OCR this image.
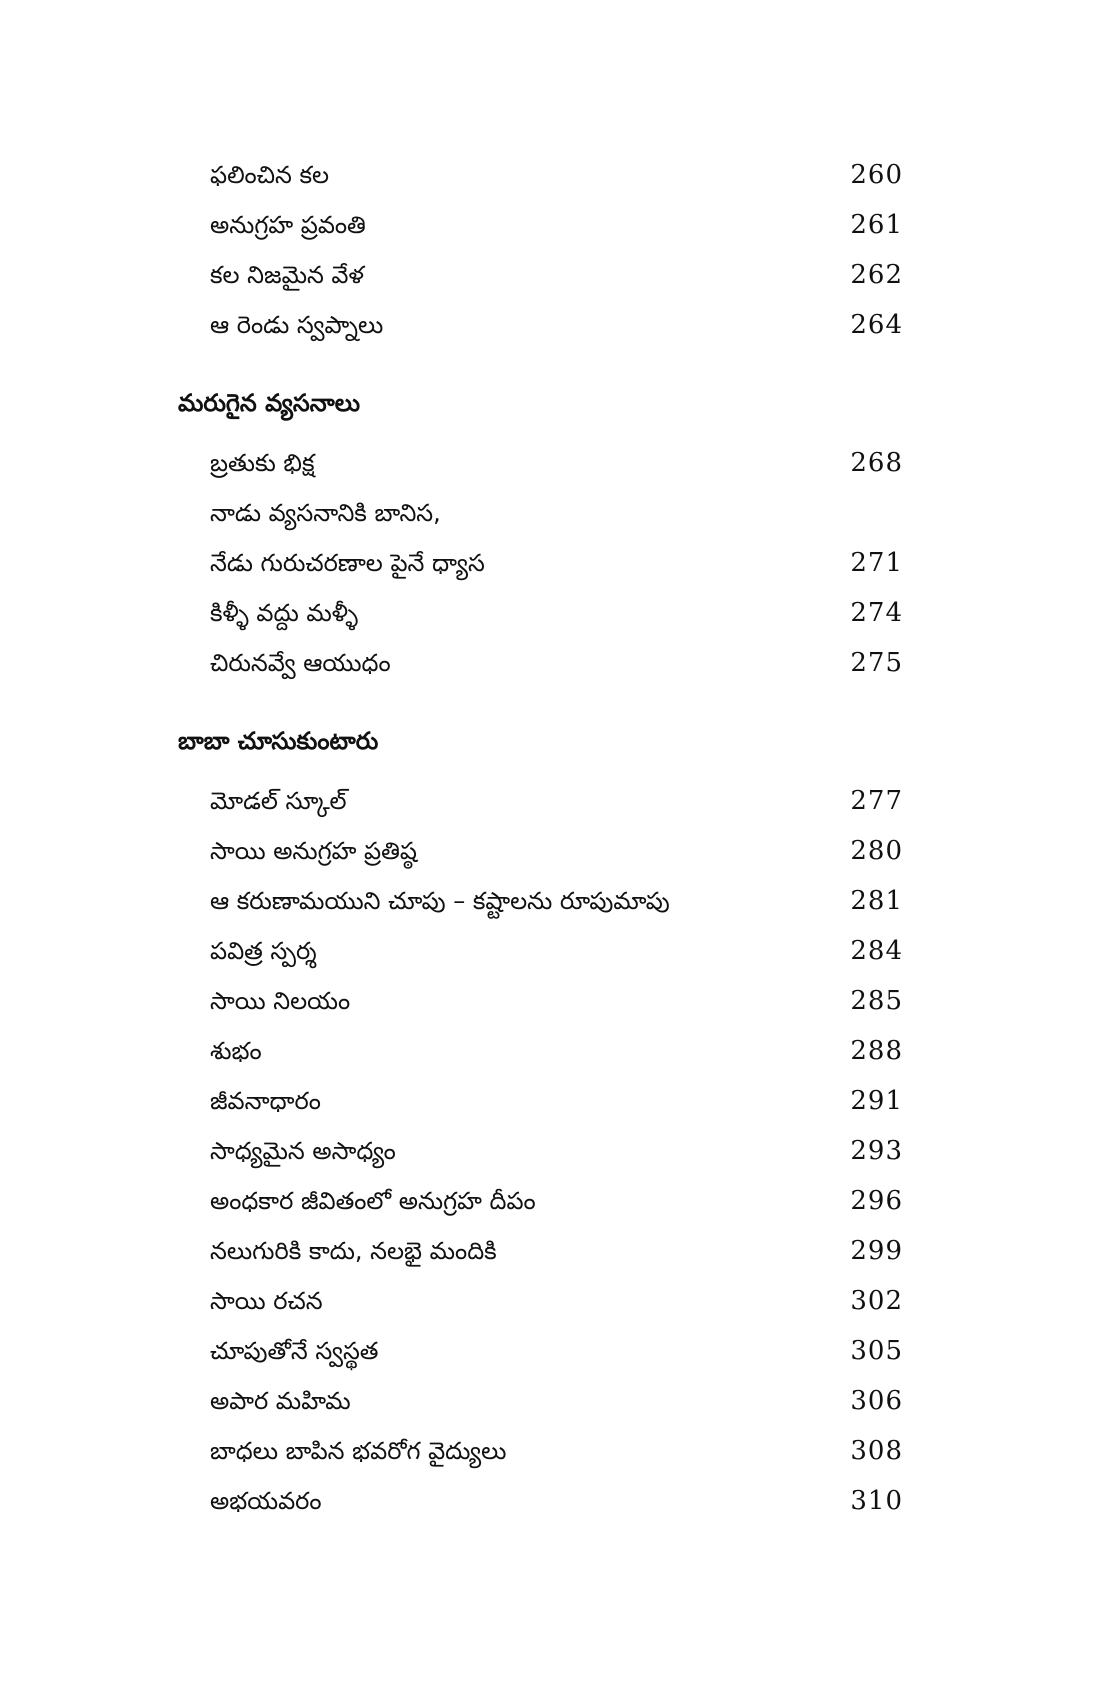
ఫలించిన కల	260
అనుగ్రహ ప్రవంతి	261
కల నిజమైన వేళ	262
ఆ రెండు స్వప్నాలు	264
మరుగైన వ్యసనాలు
బ్రతుకు భిక్ష	268
నాడు వ్యసనానికి బానిస,
నేడు గురుచరణాల పైనే ధ్యాస	271
కిళ్ళీ వద్దు మళ్ళీ	274
చిరునవ్వే ఆయుధం	275
బాబా చూసుకుంటారు
మోడల్ స్కూల్	277
సాయి అనుగ్రహ ప్రతిష్ఠ	280
ఆ కరుణామయుని చూపు – కష్టాలను రూపుమాపు	281
పవిత్ర స్పర్శ	284
సాయి నిలయం	285
శుభం	288
జీవనాధారం	291
సాధ్యమైన అసాధ్యం	293
అంధకార జీవితంలో అనుగ్రహ దీపం	296
నలుగురికి కాదు, నలభై మందికి	299
సాయి రచన	302
చూపుతోనే స్వస్థత	305
అపార మహిమ	306
బాధలు బాపిన భవరోగ వైద్యులు	308
అభయవరం	310
